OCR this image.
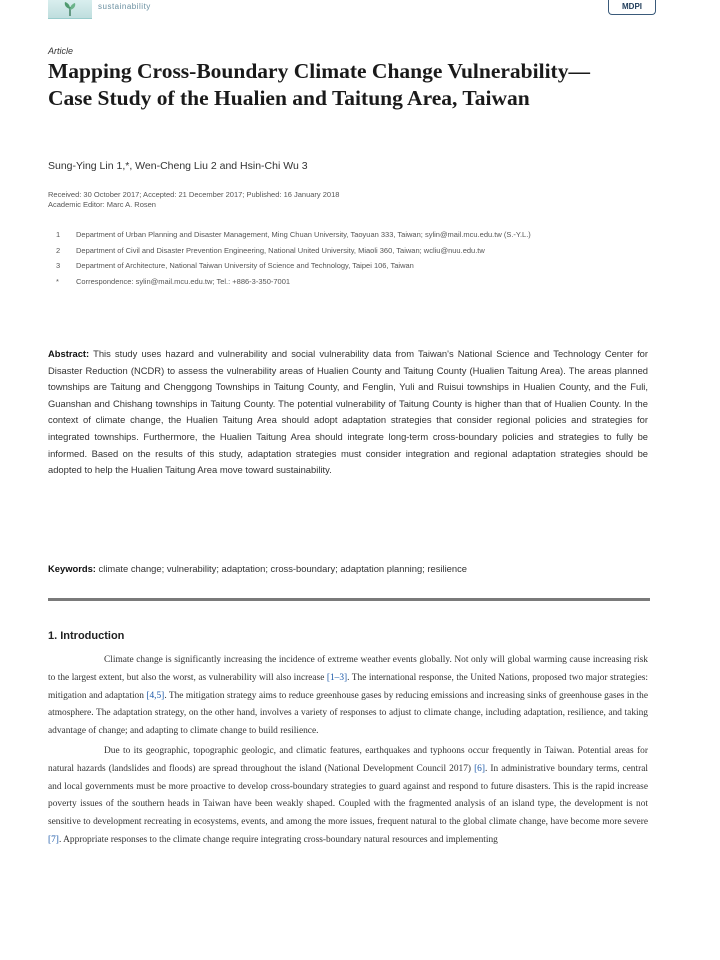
sustainability	MDPI
Article
Mapping Cross-Boundary Climate Change Vulnerability—Case Study of the Hualien and Taitung Area, Taiwan
Sung-Ying Lin 1,*, Wen-Cheng Liu 2 and Hsin-Chi Wu 3
Received: 30 October 2017; Accepted: 21 December 2017; Published: 16 January 2018
Academic Editor: Marc A. Rosen
1 Department of Urban Planning and Disaster Management, Ming Chuan University, Taoyuan 333, Taiwan; sylin@mail.mcu.edu.tw (S.-Y.L.)
2 Department of Civil and Disaster Prevention Engineering, National United University, Miaoli 360, Taiwan; wcliu@nuu.edu.tw
3 Department of Architecture, National Taiwan University of Science and Technology, Taipei 106, Taiwan
* Correspondence: sylin@mail.mcu.edu.tw; Tel.: +886-3-350-7001

Abstract: This study uses hazard and vulnerability and social vulnerability data from Taiwan's National Science and Technology Center for Disaster Reduction (NCDR) to assess the vulnerability areas of Hualien County and Taitung County (Hualien Taitung Area). The areas planned townships are Taitung and Chenggong Townships in Taitung County, and Fenglin, Yuli and Ruisui townships in Hualien County, and the Fuli, Guanshan and Chishang townships in Taitung County. The potential vulnerability of Taitung County is higher than that of Hualien County. In the context of climate change, the Hualien Taitung Area should adopt adaptation strategies that consider regional policies and strategies for integrated townships. Furthermore, the Hualien Taitung Area should integrate long-term cross-boundary policies and strategies to fully be informed. Based on the results of this study, adaptation strategies must consider integration and regional adaptation strategies should be adopted to help the Hualien Taitung Area move toward sustainability.

Keywords: climate change; vulnerability; adaptation; cross-boundary; adaptation planning; resilience

1. Introduction

Climate change is significantly increasing the incidence of extreme weather events globally. Not only will global warming cause increasing risk to the largest extent, but also the worst, as vulnerability will also increase [1–3]. The international response, the United Nations, proposed two major strategies: mitigation and adaptation [4,5]. The mitigation strategy aims to reduce greenhouse gases by reducing emissions and increasing sinks of greenhouse gases in the atmosphere. The adaptation strategy, on the other hand, involves a variety of responses to adjust to climate change, including adaptation, resilience, and taking advantage of change; and adapting to climate change to build resilience.

Due to its geographic, topographic geologic, and climatic features, earthquakes and typhoons occur frequently in Taiwan. Potential areas for natural hazards (landslides and floods) are spread throughout the island (National Development Council 2017) [6]. In administrative boundary terms, central and local governments must be more proactive to develop cross-boundary strategies to guard against and respond to future disasters. This is the rapid increase poverty issues of the southern heads in Taiwan have been weakly shaped. Coupled with the fragmented analysis of an island type, the development is not sensitive to development recreating in ecosystems, events, and among the more issues, frequent natural to the global climate change, have become more severe [7]. Appropriate responses to the climate change require integrating cross-boundary natural resources and implementing
